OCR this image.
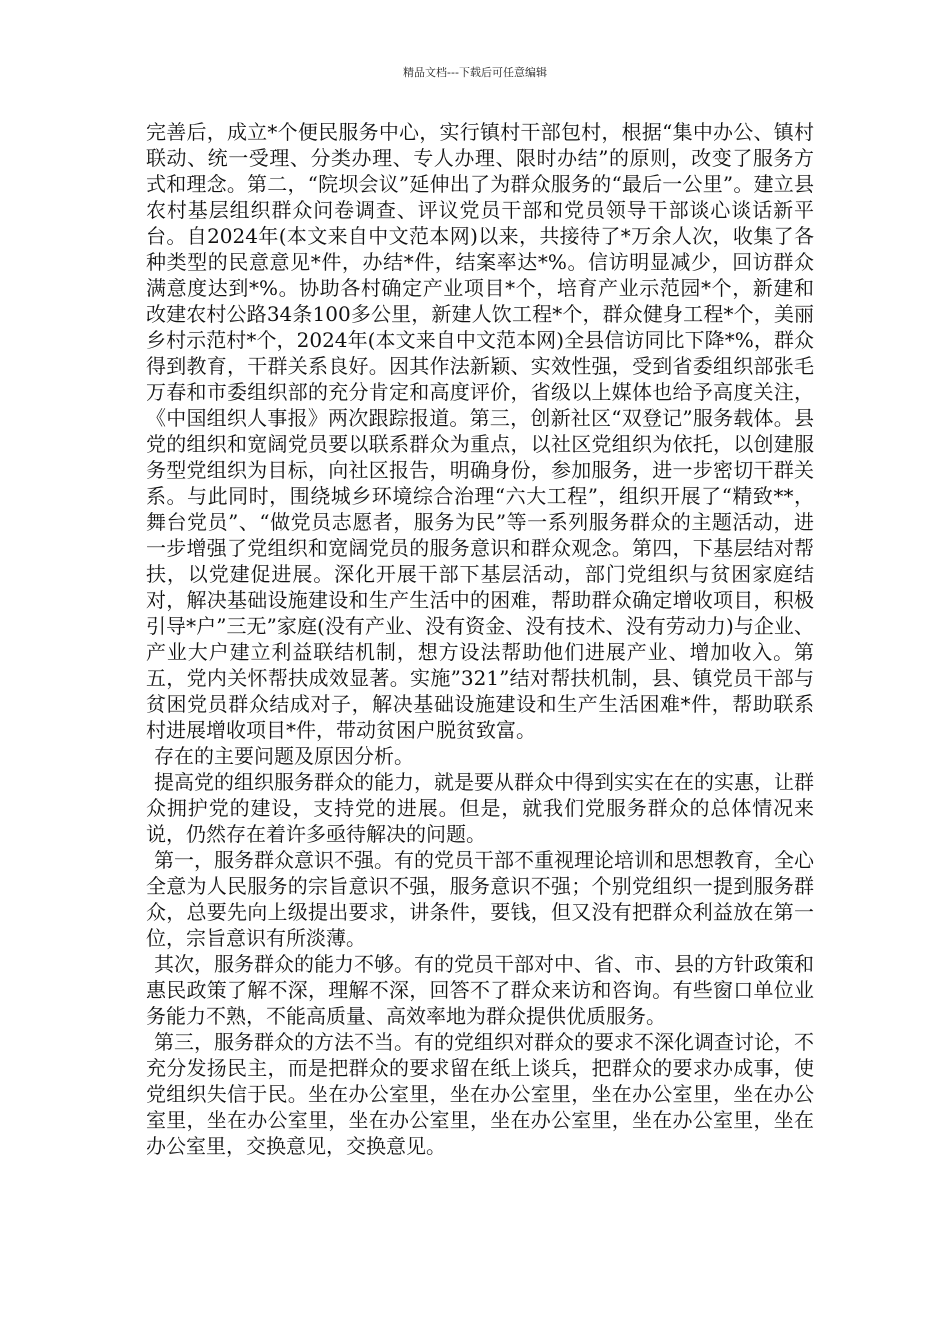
精品文档---下载后可任意编辑

完善后，成立*个便民服务中心，实行镇村干部包村，根据“集中办公、镇村联动、统一受理、分类办理、专人办理、限时办结”的原则，改变了服务方式和理念。第二，“院坝会议”延伸出了为群众服务的“最后一公里”。建立县农村基层组织群众问卷调查、评议党员干部和党员领导干部谈心谈话新平台。自2024年(本文来自中文范本网)以来，共接待了*万余人次，收集了各种类型的民意意见*件，办结*件，结案率达*%。信访明显减少，回访群众满意度达到*%。协助各村确定产业项目*个，培育产业示范园*个，新建和改建农村公路34条100多公里，新建人饮工程*个，群众健身工程*个，美丽乡村示范村*个，2024年(本文来自中文范本网)全县信访同比下降*%，群众得到教育，干群关系良好。因其作法新颖、实效性强，受到省委组织部张毛万春和市委组织部的充分肯定和高度评价，省级以上媒体也给予高度关注，《中国组织人事报》两次跟踪报道。第三，创新社区“双登记”服务载体。县党的组织和宽阔党员要以联系群众为重点，以社区党组织为依托，以创建服务型党组织为目标，向社区报告，明确身份，参加服务，进一步密切干群关系。与此同时，围绕城乡环境综合治理“六大工程”，组织开展了“精致**，舞台党员”、“做党员志愿者，服务为民”等一系列服务群众的主题活动，进一步增强了党组织和宽阔党员的服务意识和群众观念。第四，下基层结对帮扶，以党建促进展。深化开展干部下基层活动，部门党组织与贫困家庭结对，解决基础设施建设和生产生活中的困难，帮助群众确定增收项目，积极引导*户”三无”家庭(没有产业、没有资金、没有技术、没有劳动力)与企业、产业大户建立利益联结机制，想方设法帮助他们进展产业、增加收入。第五，党内关怀帮扶成效显著。实施”321”结对帮扶机制，县、镇党员干部与贫困党员群众结成对子，解决基础设施建设和生产生活困难*件，帮助联系村进展增收项目*件，带动贫困户脱贫致富。

存在的主要问题及原因分析。

提高党的组织服务群众的能力，就是要从群众中得到实实在在的实惠，让群众拥护党的建设，支持党的进展。但是，就我们党服务群众的总体情况来说，仍然存在着许多亟待解决的问题。

第一，服务群众意识不强。有的党员干部不重视理论培训和思想教育，全心全意为人民服务的宗旨意识不强，服务意识不强；个别党组织一提到服务群众，总要先向上级提出要求，讲条件，要钱，但又没有把群众利益放在第一位，宗旨意识有所淡薄。

其次，服务群众的能力不够。有的党员干部对中、省、市、县的方针政策和惠民政策了解不深，理解不深，回答不了群众来访和咨询。有些窗口单位业务能力不熟，不能高质量、高效率地为群众提供优质服务。

第三，服务群众的方法不当。有的党组织对群众的要求不深化调查讨论，不充分发扬民主，而是把群众的要求留在纸上谈兵，把群众的要求办成事，使党组织失信于民。坐在办公室里，坐在办公室里，坐在办公室里，坐在办公室里，坐在办公室里，坐在办公室里，坐在办公室里，坐在办公室里，坐在办公室里，交换意见，交换意见。
